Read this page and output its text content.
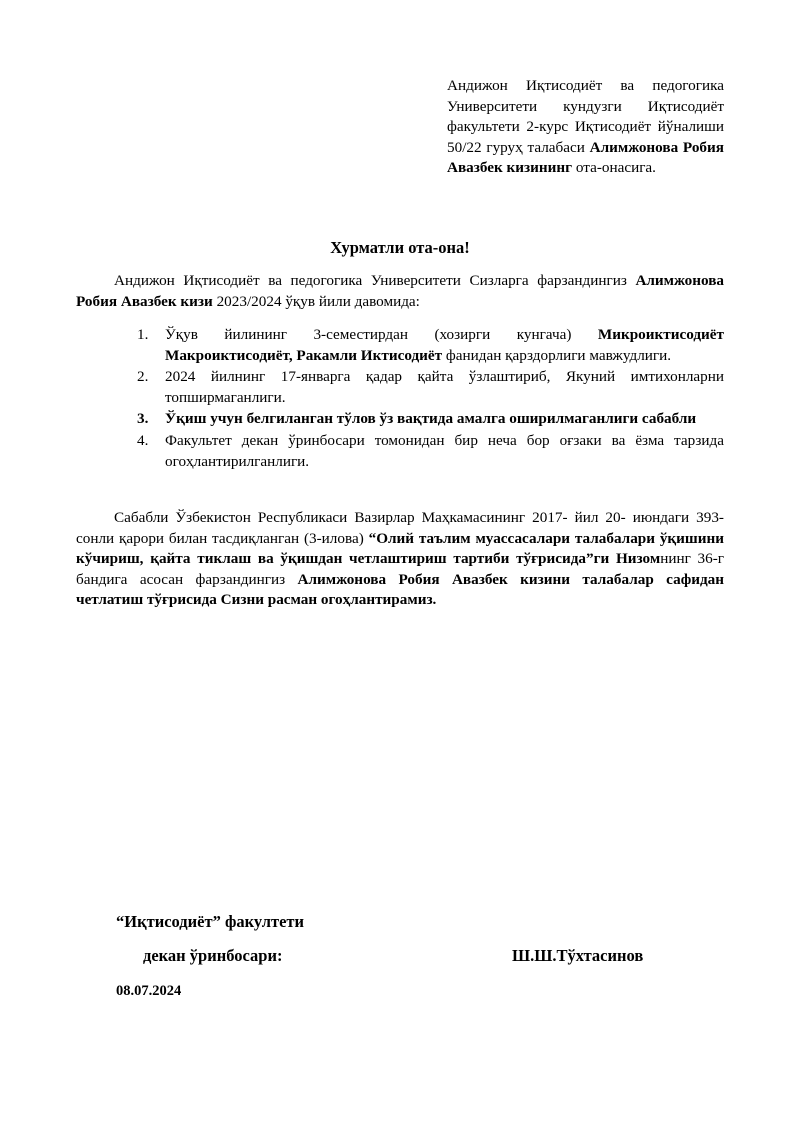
Андижон Иқтисодиёт ва педогогика Университети кундузги Иқтисодиёт факультети 2-курс Иқтисодиёт йўналиши 50/22 гуруҳ талабаси Алимжонова Робия Авазбек кизининг ота-онасига.
Хурматли ота-она!
Андижон Иқтисодиёт ва педогогика Университети Сизларга фарзандингиз Алимжонова Робия Авазбек кизи 2023/2024 ўқув йили давомида:
1. Ўқув йилининг 3-семестирдан (хозирги кунгача) Микроиктисодиёт Макроиктисодиёт, Ракамли Иктисодиёт фанидан қарздорлиги мавжудлиги.
2. 2024 йилнинг 17-январга қадар қайта ўзлаштириб, Якуний имтихонларни топширмаганлиги.
3. Ўқиш учун белгиланган тўлов ўз вақтида амалга оширилмаганлиги сабабли
4. Факультет декан ўринбосари томонидан бир неча бор оғзаки ва ёзма тарзида огоҳлантирилганлиги.
Сабабли Ўзбекистон Республикаси Вазирлар Маҳкамасининг 2017- йил 20- июндаги 393-сонли қарори билан тасдиқланган (3-илова) “Олий таълим муассасалари талабалари ўқишини кўчириш, қайта тиклаш ва ўқишдан четлаштириш тартиби тўғрисида”ги Низомнинг 36-г бандига асосан фарзандингиз Алимжонова Робия Авазбек кизини талабалар сафидан четлатиш тўғрисида Сизни расман огоҳлантирамиз.
“Иқтисодиёт” факултети
декан ўринбосари:	Ш.Ш.Тўхтасинов
08.07.2024
